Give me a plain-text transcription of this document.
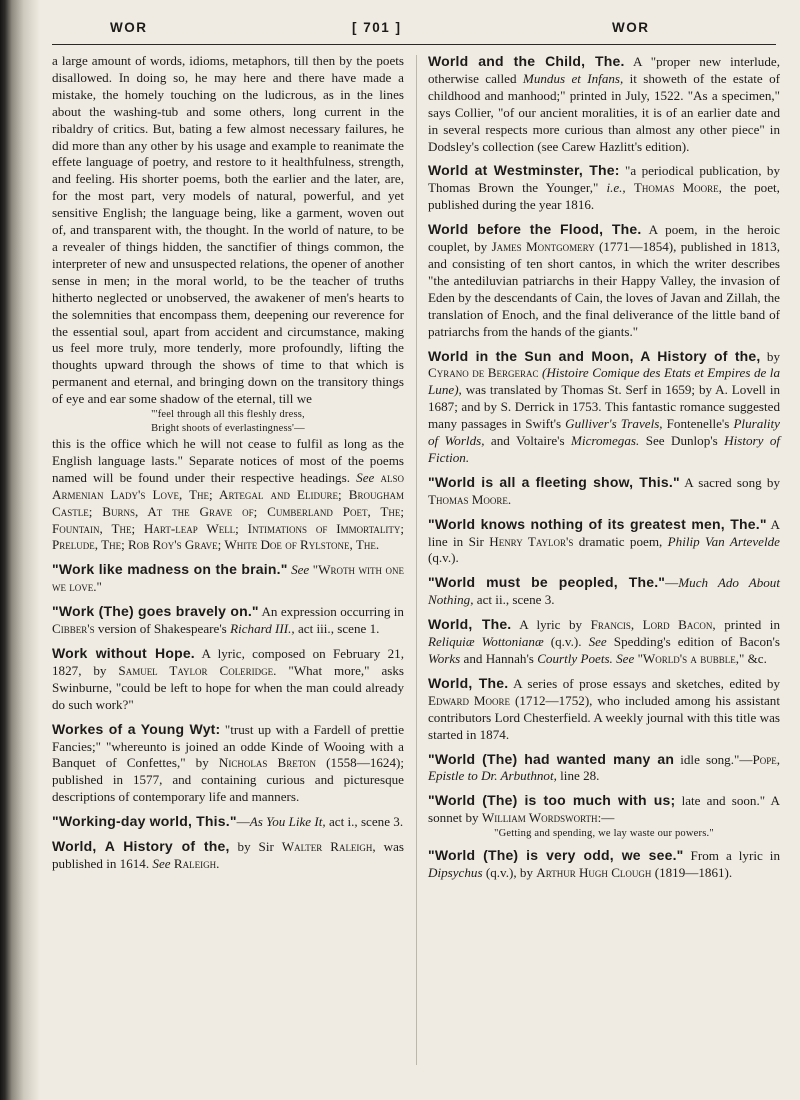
WOR	[ 701 ]	WOR

a large amount of words, idioms, metaphors, till then by the poets disallowed. In doing so, he may here and there have made a mistake, the homely touching on the ludicrous, as in the lines about the washing-tub and some others, long current in the ribaldry of critics. But, bating a few almost necessary failures, he did more than any other by his usage and example to reanimate the effete language of poetry, and restore to it healthfulness, strength, and feeling. His shorter poems, both the earlier and the later, are, for the most part, very models of natural, powerful, and yet sensitive English; the language being, like a garment, woven out of, and transparent with, the thought. In the world of nature, to be a revealer of things hidden, the sanctifier of things common, the interpreter of new and unsuspected relations, the opener of another sense in men; in the moral world, to be the teacher of truths hitherto neglected or unobserved, the awakener of men's hearts to the solemnities that encompass them, deepening our reverence for the essential soul, apart from accident and circumstance, making us feel more truly, more tenderly, more profoundly, lifting the thoughts upward through the shows of time to that which is permanent and eternal, and bringing down on the transitory things of eye and ear some shadow of the eternal, till we

"'feel through all this fleshly dress,
Bright shoots of everlastingness'—

this is the office which he will not cease to fulfil as long as the English language lasts." Separate notices of most of the poems named will be found under their respective headings. See also Armenian Lady's Love, The; Artegal and Elidure; Brougham Castle; Burns, At the Grave of; Cumberland Poet, The; Fountain, The; Hart-leap Well; Intimations of Immortality; Prelude, The; Rob Roy's Grave; White Doe of Rylstone, The.

"Work like madness on the brain." See "Wroth with one we love."

"Work (The) goes bravely on." An expression occurring in Cibber's version of Shakespeare's Richard III., act iii., scene 1.

Work without Hope. A lyric, composed on February 21, 1827, by Samuel Taylor Coleridge. "What more," asks Swinburne, "could be left to hope for when the man could already do such work?"

Workes of a Young Wyt: "trust up with a Fardell of prettie Fancies;" "whereunto is joined an odde Kinde of Wooing with a Banquet of Confettes," by Nicholas Breton (1558—1624); published in 1577, and containing curious and picturesque descriptions of contemporary life and manners.

"Working-day world, This."—As You Like It, act i., scene 3.

World, A History of the, by Sir Walter Raleigh, was published in 1614. See Raleigh.

World and the Child, The. A "proper new interlude, otherwise called Mundus et Infans, it showeth of the estate of childhood and manhood;" printed in July, 1522. "As a specimen," says Collier, "of our ancient moralities, it is of an earlier date and in several respects more curious than almost any other piece" in Dodsley's collection (see Carew Hazlitt's edition).

World at Westminster, The: "a periodical publication, by Thomas Brown the Younger," i.e., Thomas Moore, the poet, published during the year 1816.

World before the Flood, The. A poem, in the heroic couplet, by James Montgomery (1771—1854), published in 1813, and consisting of ten short cantos, in which the writer describes "the antediluvian patriarchs in their Happy Valley, the invasion of Eden by the descendants of Cain, the loves of Javan and Zillah, the translation of Enoch, and the final deliverance of the little band of patriarchs from the hands of the giants."

World in the Sun and Moon, A History of the, by Cyrano de Bergerac (Histoire Comique des Etats et Empires de la Lune), was translated by Thomas St. Serf in 1659; by A. Lovell in 1687; and by S. Derrick in 1753. This fantastic romance suggested many passages in Swift's Gulliver's Travels, Fontenelle's Plurality of Worlds, and Voltaire's Micromegas. See Dunlop's History of Fiction.

"World is all a fleeting show, This." A sacred song by Thomas Moore.

"World knows nothing of its greatest men, The." A line in Sir Henry Taylor's dramatic poem, Philip Van Artevelde (q.v.).

"World must be peopled, The."—Much Ado About Nothing, act ii., scene 3.

World, The. A lyric by Francis, Lord Bacon, printed in Reliquiæ Wottonianæ (q.v.). See Spedding's edition of Bacon's Works and Hannah's Courtly Poets. See "World's a bubble," &c.

World, The. A series of prose essays and sketches, edited by Edward Moore (1712—1752), who included among his assistant contributors Lord Chesterfield. A weekly journal with this title was started in 1874.

"World (The) had wanted many an idle song."—Pope, Epistle to Dr. Arbuthnot, line 28.

"World (The) is too much with us; late and soon." A sonnet by William Wordsworth:—

"Getting and spending, we lay waste our powers."

"World (The) is very odd, we see." From a lyric in Dipsychus (q.v.), by Arthur Hugh Clough (1819—1861).
